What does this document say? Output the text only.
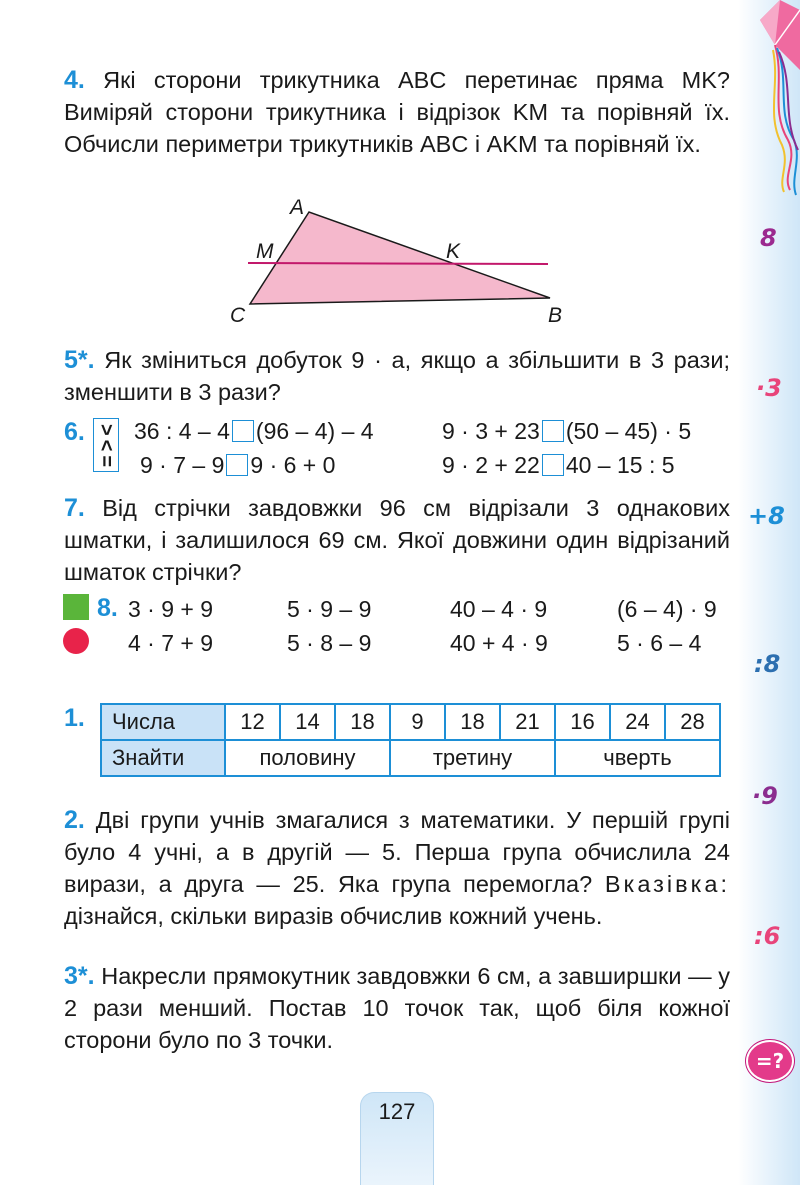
8
·3
+8
:8
·9
:6
=?
4. Які сторони трикутника ABC перетинає пряма MK? Виміряй сторони трикутника і відрізок KM та порівняй їх. Обчисли периметри трикутників ABC і AKM та порівняй їх.
A
M	K
C	B
5*. Як зміниться добуток 9 · a, якщо a збільшити в 3 рази; зменшити в 3 рази?
6. > < = 36 : 4 – 4 (96 – 4) – 4	9 · 3 + 23 (50 – 45) · 5
9 · 7 – 9 9 · 6 + 0	9 · 2 + 22 40 – 15 : 5
7. Від стрічки завдовжки 96 см відрізали 3 однакових шматки, і залишилося 69 см. Якої довжини один відрізаний шматок стрічки?
8. 3 · 9 + 9	5 · 9 – 9	40 – 4 · 9	(6 – 4) · 9
4 · 7 + 9	5 · 8 – 9	40 + 4 · 9	5 · 6 – 4
1. Числа	12	14	18	9	18	21	16	24	28
Знайти	половину			третину			чверть		
2. Дві групи учнів змагалися з математики. У першій групі було 4 учні, а в другій — 5. Перша група обчислила 24 вирази, а друга — 25. Яка група перемогла? Вказівка: дізнайся, скільки виразів обчислив кожний учень.
3*. Накресли прямокутник завдовжки 6 см, а завширшки — у 2 рази менший. Постав 10 точок так, щоб біля кожної сторони було по 3 точки.
127
